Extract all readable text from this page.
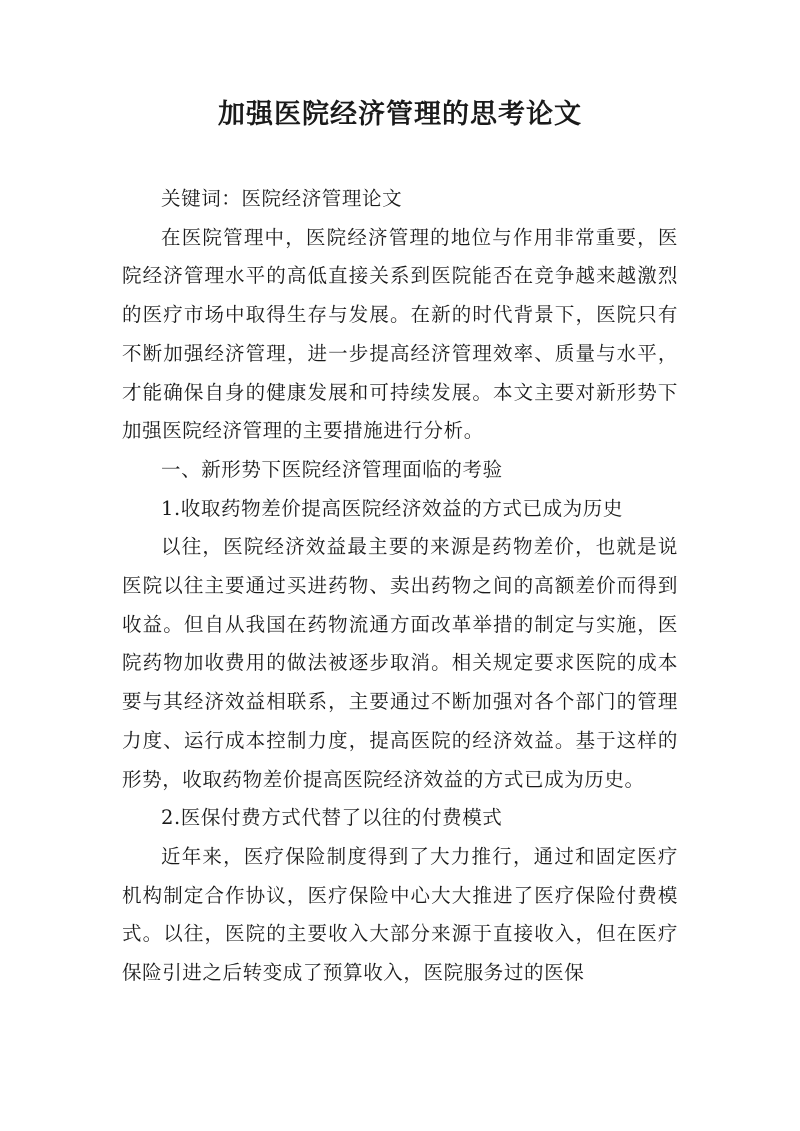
加强医院经济管理的思考论文

关键词：医院经济管理论文

在医院管理中，医院经济管理的地位与作用非常重要，医院经济管理水平的高低直接关系到医院能否在竞争越来越激烈的医疗市场中取得生存与发展。在新的时代背景下，医院只有不断加强经济管理，进一步提高经济管理效率、质量与水平，才能确保自身的健康发展和可持续发展。本文主要对新形势下加强医院经济管理的主要措施进行分析。

一、新形势下医院经济管理面临的考验

1.收取药物差价提高医院经济效益的方式已成为历史

以往，医院经济效益最主要的来源是药物差价，也就是说医院以往主要通过买进药物、卖出药物之间的高额差价而得到收益。但自从我国在药物流通方面改革举措的制定与实施，医院药物加收费用的做法被逐步取消。相关规定要求医院的成本要与其经济效益相联系，主要通过不断加强对各个部门的管理力度、运行成本控制力度，提高医院的经济效益。基于这样的形势，收取药物差价提高医院经济效益的方式已成为历史。

2.医保付费方式代替了以往的付费模式

近年来，医疗保险制度得到了大力推行，通过和固定医疗机构制定合作协议，医疗保险中心大大推进了医疗保险付费模式。以往，医院的主要收入大部分来源于直接收入，但在医疗保险引进之后转变成了预算收入，医院服务过的医保
